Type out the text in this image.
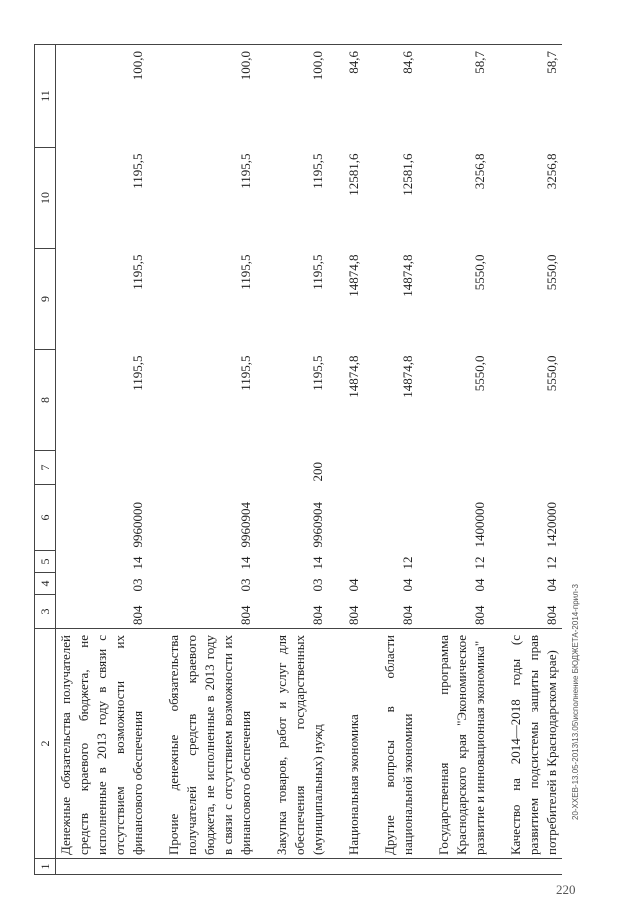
1	2	3	4	5	6	7	8	9	10	11
	Денежные обязательства получателей средств краевого бюджета, не исполненные в 2013 году в связи с отсутствием возможности их финансового обеспечения	804	03	14	9960000		1195,5	1195,5	1195,5	100,0

	Прочие денежные обязательства получателей средств краевого бюджета, не исполненные в 2013 году в связи с отсутствием возможности их финансового обеспечения	804	03	14	9960904		1195,5	1195,5	1195,5	100,0

	Закупка товаров, работ и услуг для обеспечения государственных (муниципальных) нужд	804	03	14	9960904	200	1195,5	1195,5	1195,5	100,0

	Национальная экономика	804	04				14874,8	14874,8	12581,6	84,6

	Другие вопросы в области национальной экономики	804	04	12			14874,8	14874,8	12581,6	84,6

	Государственная программа Краснодарского края "Экономическое развитие и инновационная экономика"	804	04	12	1400000		5550,0	5550,0	3256,8	58,7

	Качество на 2014—2018 годы (с развитием подсистемы защиты прав потребителей в Краснодарском крае)	804	04	12	1420000		5550,0	5550,0	3256,8	58,7
220
20-ХХЕВ-13.05-2013\13.05\исполнение БЮДЖЕТА-2014-прил-3
